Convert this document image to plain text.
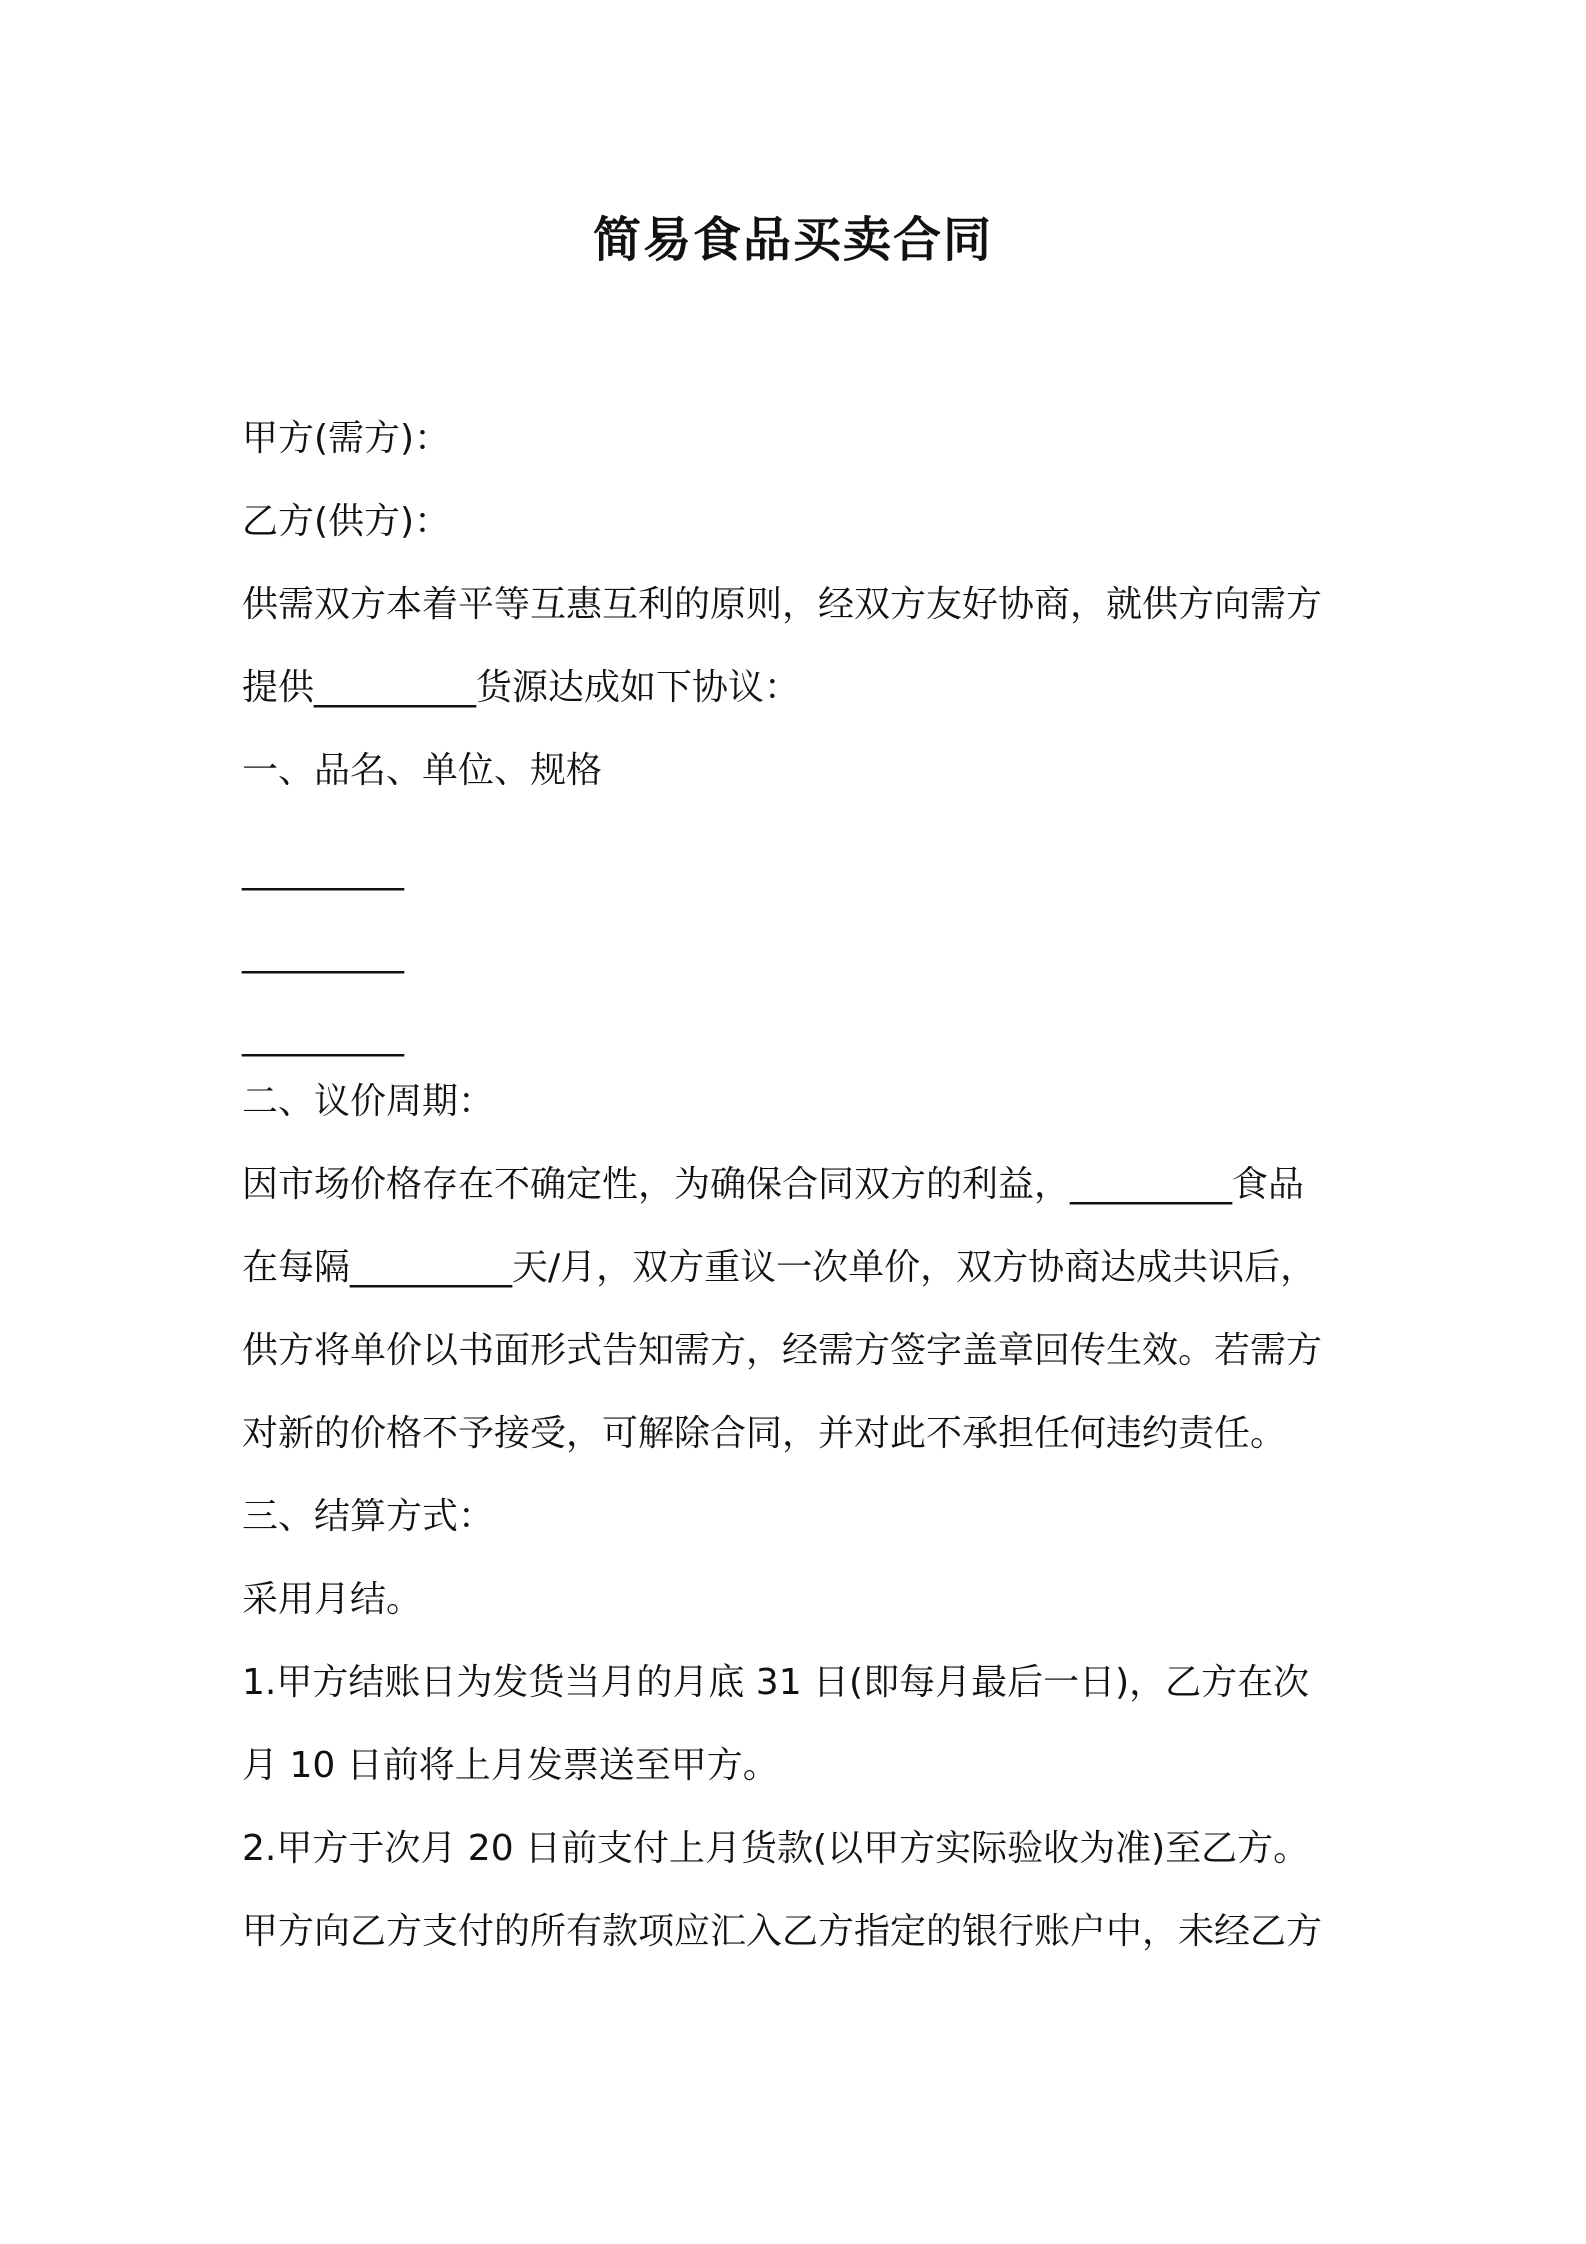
简易食品买卖合同

甲方(需方)：

乙方(供方)：

供需双方本着平等互惠互利的原则，经双方友好协商，就供方向需方

提供_________货源达成如下协议：

一、品名、单位、规格

_________

_________

_________

二、议价周期：

因市场价格存在不确定性，为确保合同双方的利益，_________食品

在每隔_________天/月，双方重议一次单价，双方协商达成共识后，

供方将单价以书面形式告知需方，经需方签字盖章回传生效。若需方

对新的价格不予接受，可解除合同，并对此不承担任何违约责任。

三、结算方式：

采用月结。

1.甲方结账日为发货当月的月底 31 日(即每月最后一日)，乙方在次

月 10 日前将上月发票送至甲方。

2.甲方于次月 20 日前支付上月货款(以甲方实际验收为准)至乙方。

甲方向乙方支付的所有款项应汇入乙方指定的银行账户中，未经乙方
